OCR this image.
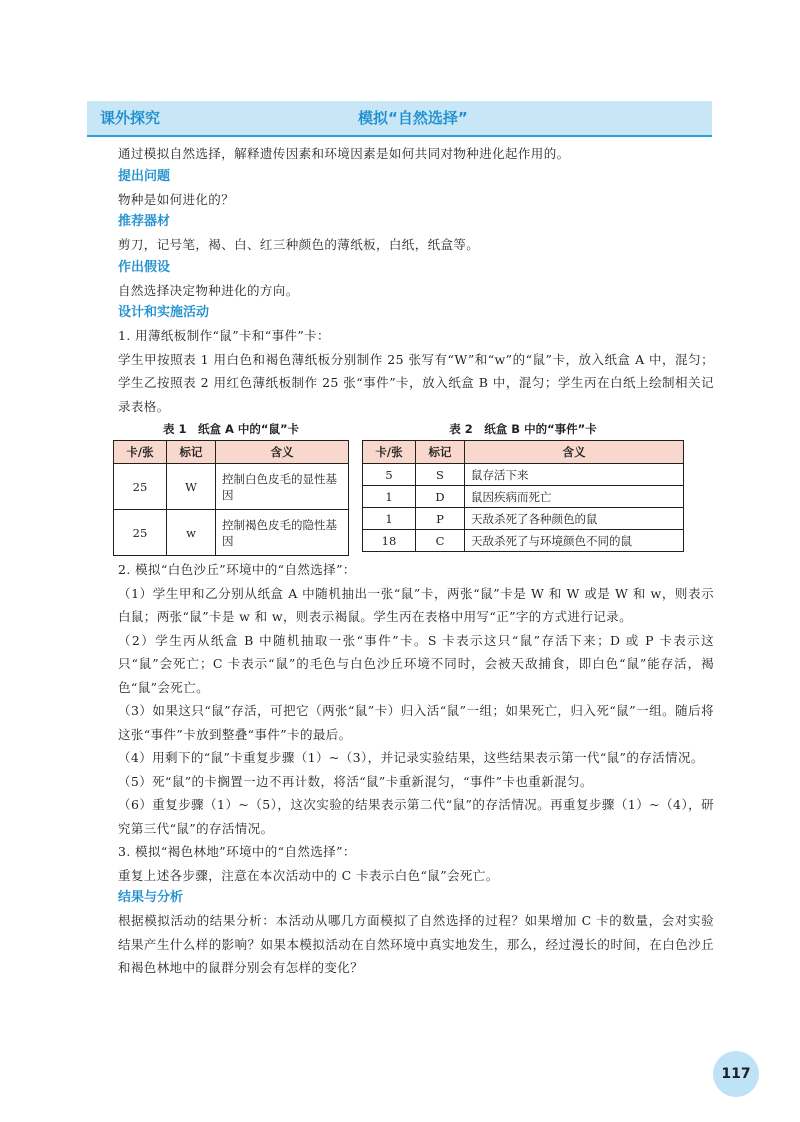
课外探究	模拟“自然选择”

通过模拟自然选择，解释遗传因素和环境因素是如何共同对物种进化起作用的。

提出问题

物种是如何进化的？

推荐器材

剪刀，记号笔，褐、白、红三种颜色的薄纸板，白纸，纸盒等。

作出假设

自然选择决定物种进化的方向。

设计和实施活动

1. 用薄纸板制作“鼠”卡和“事件”卡：

学生甲按照表 1 用白色和褐色薄纸板分别制作 25 张写有“W”和“w”的“鼠”卡，放入纸盒 A 中，混匀；学生乙按照表 2 用红色薄纸板制作 25 张“事件”卡，放入纸盒 B 中，混匀；学生丙在白纸上绘制相关记录表格。

表 1　纸盒 A 中的“鼠”卡
卡/张	标记	含义
25	W	控制白色皮毛的显性基因
25	w	控制褐色皮毛的隐性基因
表 2　纸盒 B 中的“事件”卡
卡/张	标记	含义
5	S	鼠存活下来
1	D	鼠因疾病而死亡
1	P	天敌杀死了各种颜色的鼠
18	C	天敌杀死了与环境颜色不同的鼠

2. 模拟“白色沙丘”环境中的“自然选择”：

（1）学生甲和乙分别从纸盒 A 中随机抽出一张“鼠”卡，两张“鼠”卡是 W 和 W 或是 W 和 w，则表示白鼠；两张“鼠”卡是 w 和 w，则表示褐鼠。学生丙在表格中用写“正”字的方式进行记录。

（2）学生丙从纸盒 B 中随机抽取一张“事件”卡。S 卡表示这只“鼠”存活下来；D 或 P 卡表示这只“鼠”会死亡；C 卡表示“鼠”的毛色与白色沙丘环境不同时，会被天敌捕食，即白色“鼠”能存活，褐色“鼠”会死亡。

（3）如果这只“鼠”存活，可把它（两张“鼠”卡）归入活“鼠”一组；如果死亡，归入死“鼠”一组。随后将这张“事件”卡放到整叠“事件”卡的最后。

（4）用剩下的“鼠”卡重复步骤（1）~（3），并记录实验结果，这些结果表示第一代“鼠”的存活情况。

（5）死“鼠”的卡搁置一边不再计数，将活“鼠”卡重新混匀，“事件”卡也重新混匀。

（6）重复步骤（1）~（5），这次实验的结果表示第二代“鼠”的存活情况。再重复步骤（1）~（4），研究第三代“鼠”的存活情况。

3. 模拟“褐色林地”环境中的“自然选择”：

重复上述各步骤，注意在本次活动中的 C 卡表示白色“鼠”会死亡。

结果与分析

根据模拟活动的结果分析：本活动从哪几方面模拟了自然选择的过程？如果增加 C 卡的数量，会对实验结果产生什么样的影响？如果本模拟活动在自然环境中真实地发生，那么，经过漫长的时间，在白色沙丘和褐色林地中的鼠群分别会有怎样的变化？

117
